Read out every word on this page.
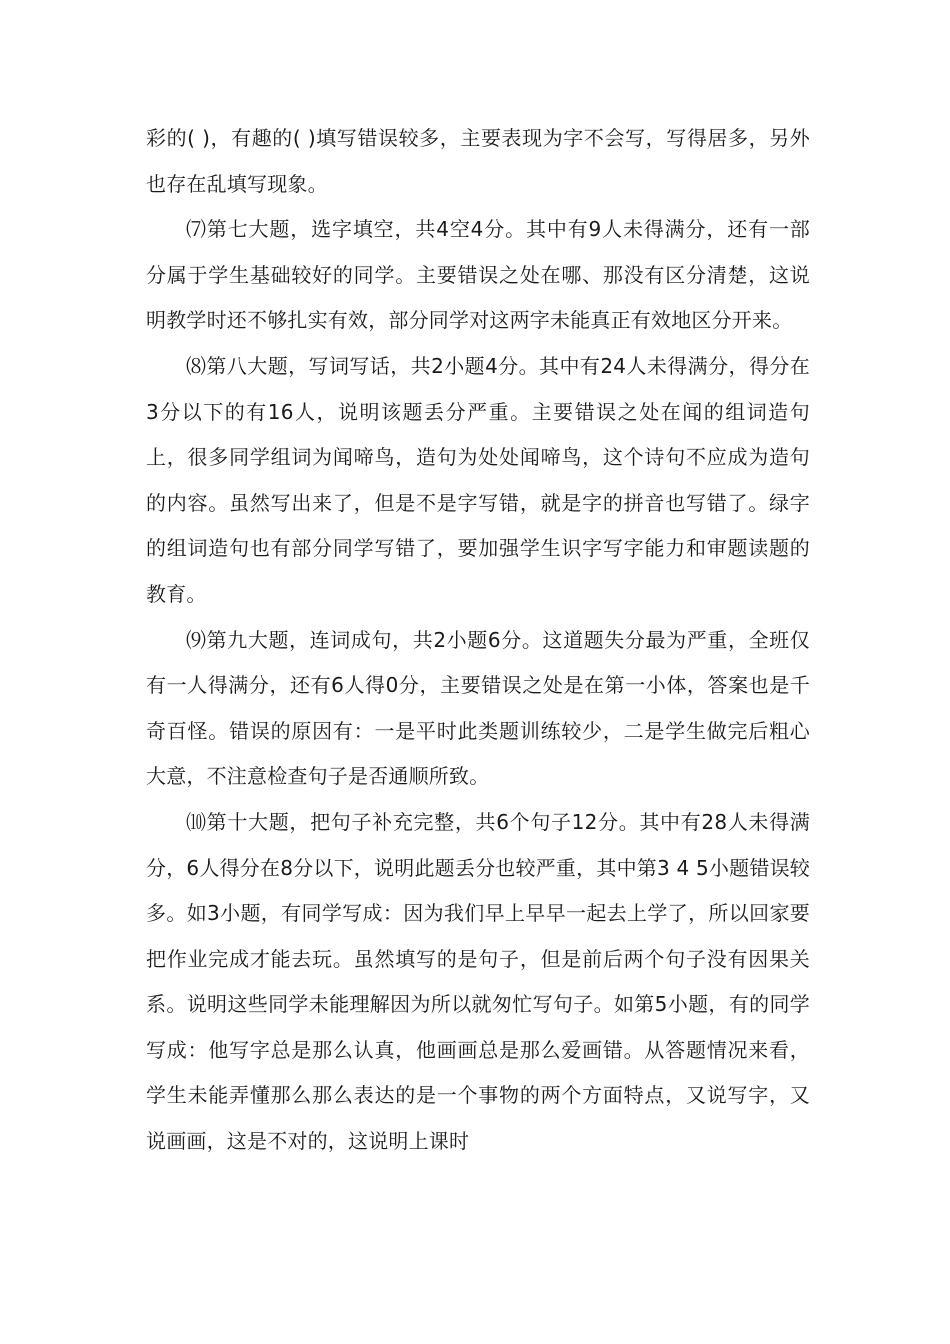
彩的( )，有趣的( )填写错误较多，主要表现为字不会写，写得居多，另外也存在乱填写现象。

⑺第七大题，选字填空，共4空4分。其中有9人未得满分，还有一部分属于学生基础较好的同学。主要错误之处在哪、那没有区分清楚，这说明教学时还不够扎实有效，部分同学对这两字未能真正有效地区分开来。

⑻第八大题，写词写话，共2小题4分。其中有24人未得满分，得分在3分以下的有16人，说明该题丢分严重。主要错误之处在闻的组词造句上，很多同学组词为闻啼鸟，造句为处处闻啼鸟，这个诗句不应成为造句的内容。虽然写出来了，但是不是字写错，就是字的拼音也写错了。绿字的组词造句也有部分同学写错了，要加强学生识字写字能力和审题读题的教育。

⑼第九大题，连词成句，共2小题6分。这道题失分最为严重，全班仅有一人得满分，还有6人得0分，主要错误之处是在第一小体，答案也是千奇百怪。错误的原因有：一是平时此类题训练较少，二是学生做完后粗心大意，不注意检查句子是否通顺所致。

⑽第十大题，把句子补充完整，共6个句子12分。其中有28人未得满分，6人得分在8分以下，说明此题丢分也较严重，其中第3 4 5小题错误较多。如3小题，有同学写成：因为我们早上早早一起去上学了，所以回家要把作业完成才能去玩。虽然填写的是句子，但是前后两个句子没有因果关系。说明这些同学未能理解因为所以就匆忙写句子。如第5小题，有的同学写成：他写字总是那么认真，他画画总是那么爱画错。从答题情况来看，学生未能弄懂那么那么表达的是一个事物的两个方面特点，又说写字，又说画画，这是不对的，这说明上课时
